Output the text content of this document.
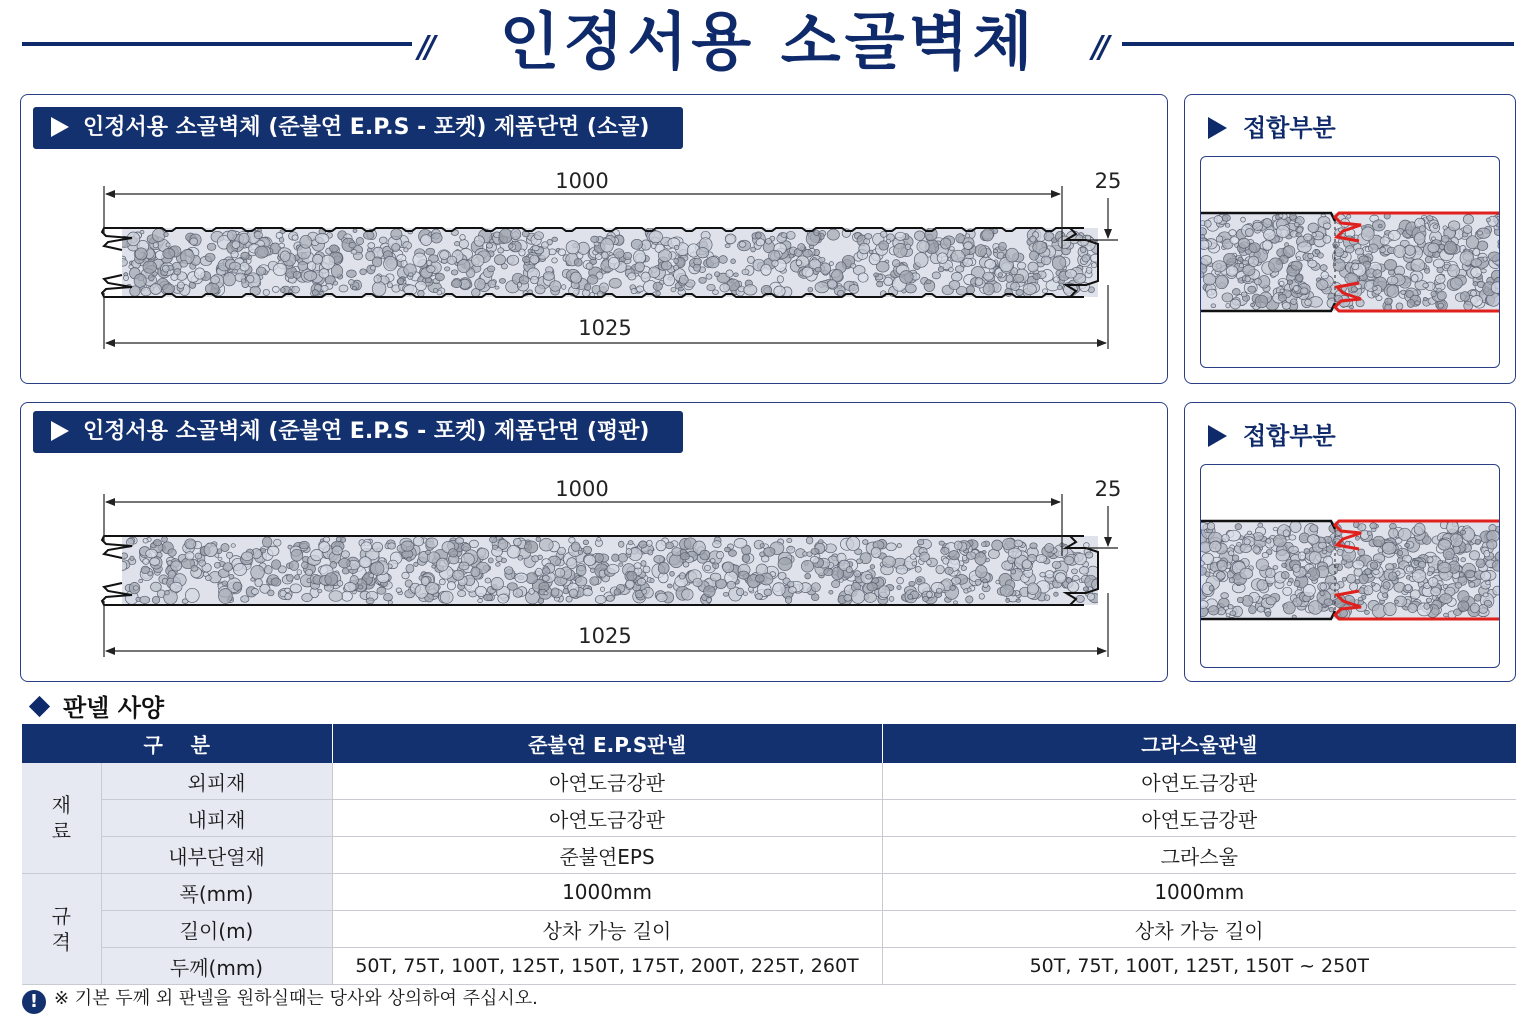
//	인정서용 소골벽체	//
인정서용 소골벽체 (준불연 E.P.S - 포켓) 제품단면 (소골)
1000	25
1025
접합부분
인정서용 소골벽체 (준불연 E.P.S - 포켓) 제품단면 (평판)
1000	25
1025
접합부분
판넬 사양
구    분		준불연 E.P.S판넬	그라스울판넬
재
료	외피재	아연도금강판	아연도금강판
	내피재	아연도금강판	아연도금강판
	내부단열재	준불연EPS	그라스울
규
격	폭(mm)	1000mm	1000mm
	길이(m)	상차 가능 길이	상차 가능 길이
	두께(mm)	50T, 75T, 100T, 125T, 150T, 175T, 200T, 225T, 260T	50T, 75T, 100T, 125T, 150T ~ 250T
! ※ 기본 두께 외 판넬을 원하실때는 당사와 상의하여 주십시오.
